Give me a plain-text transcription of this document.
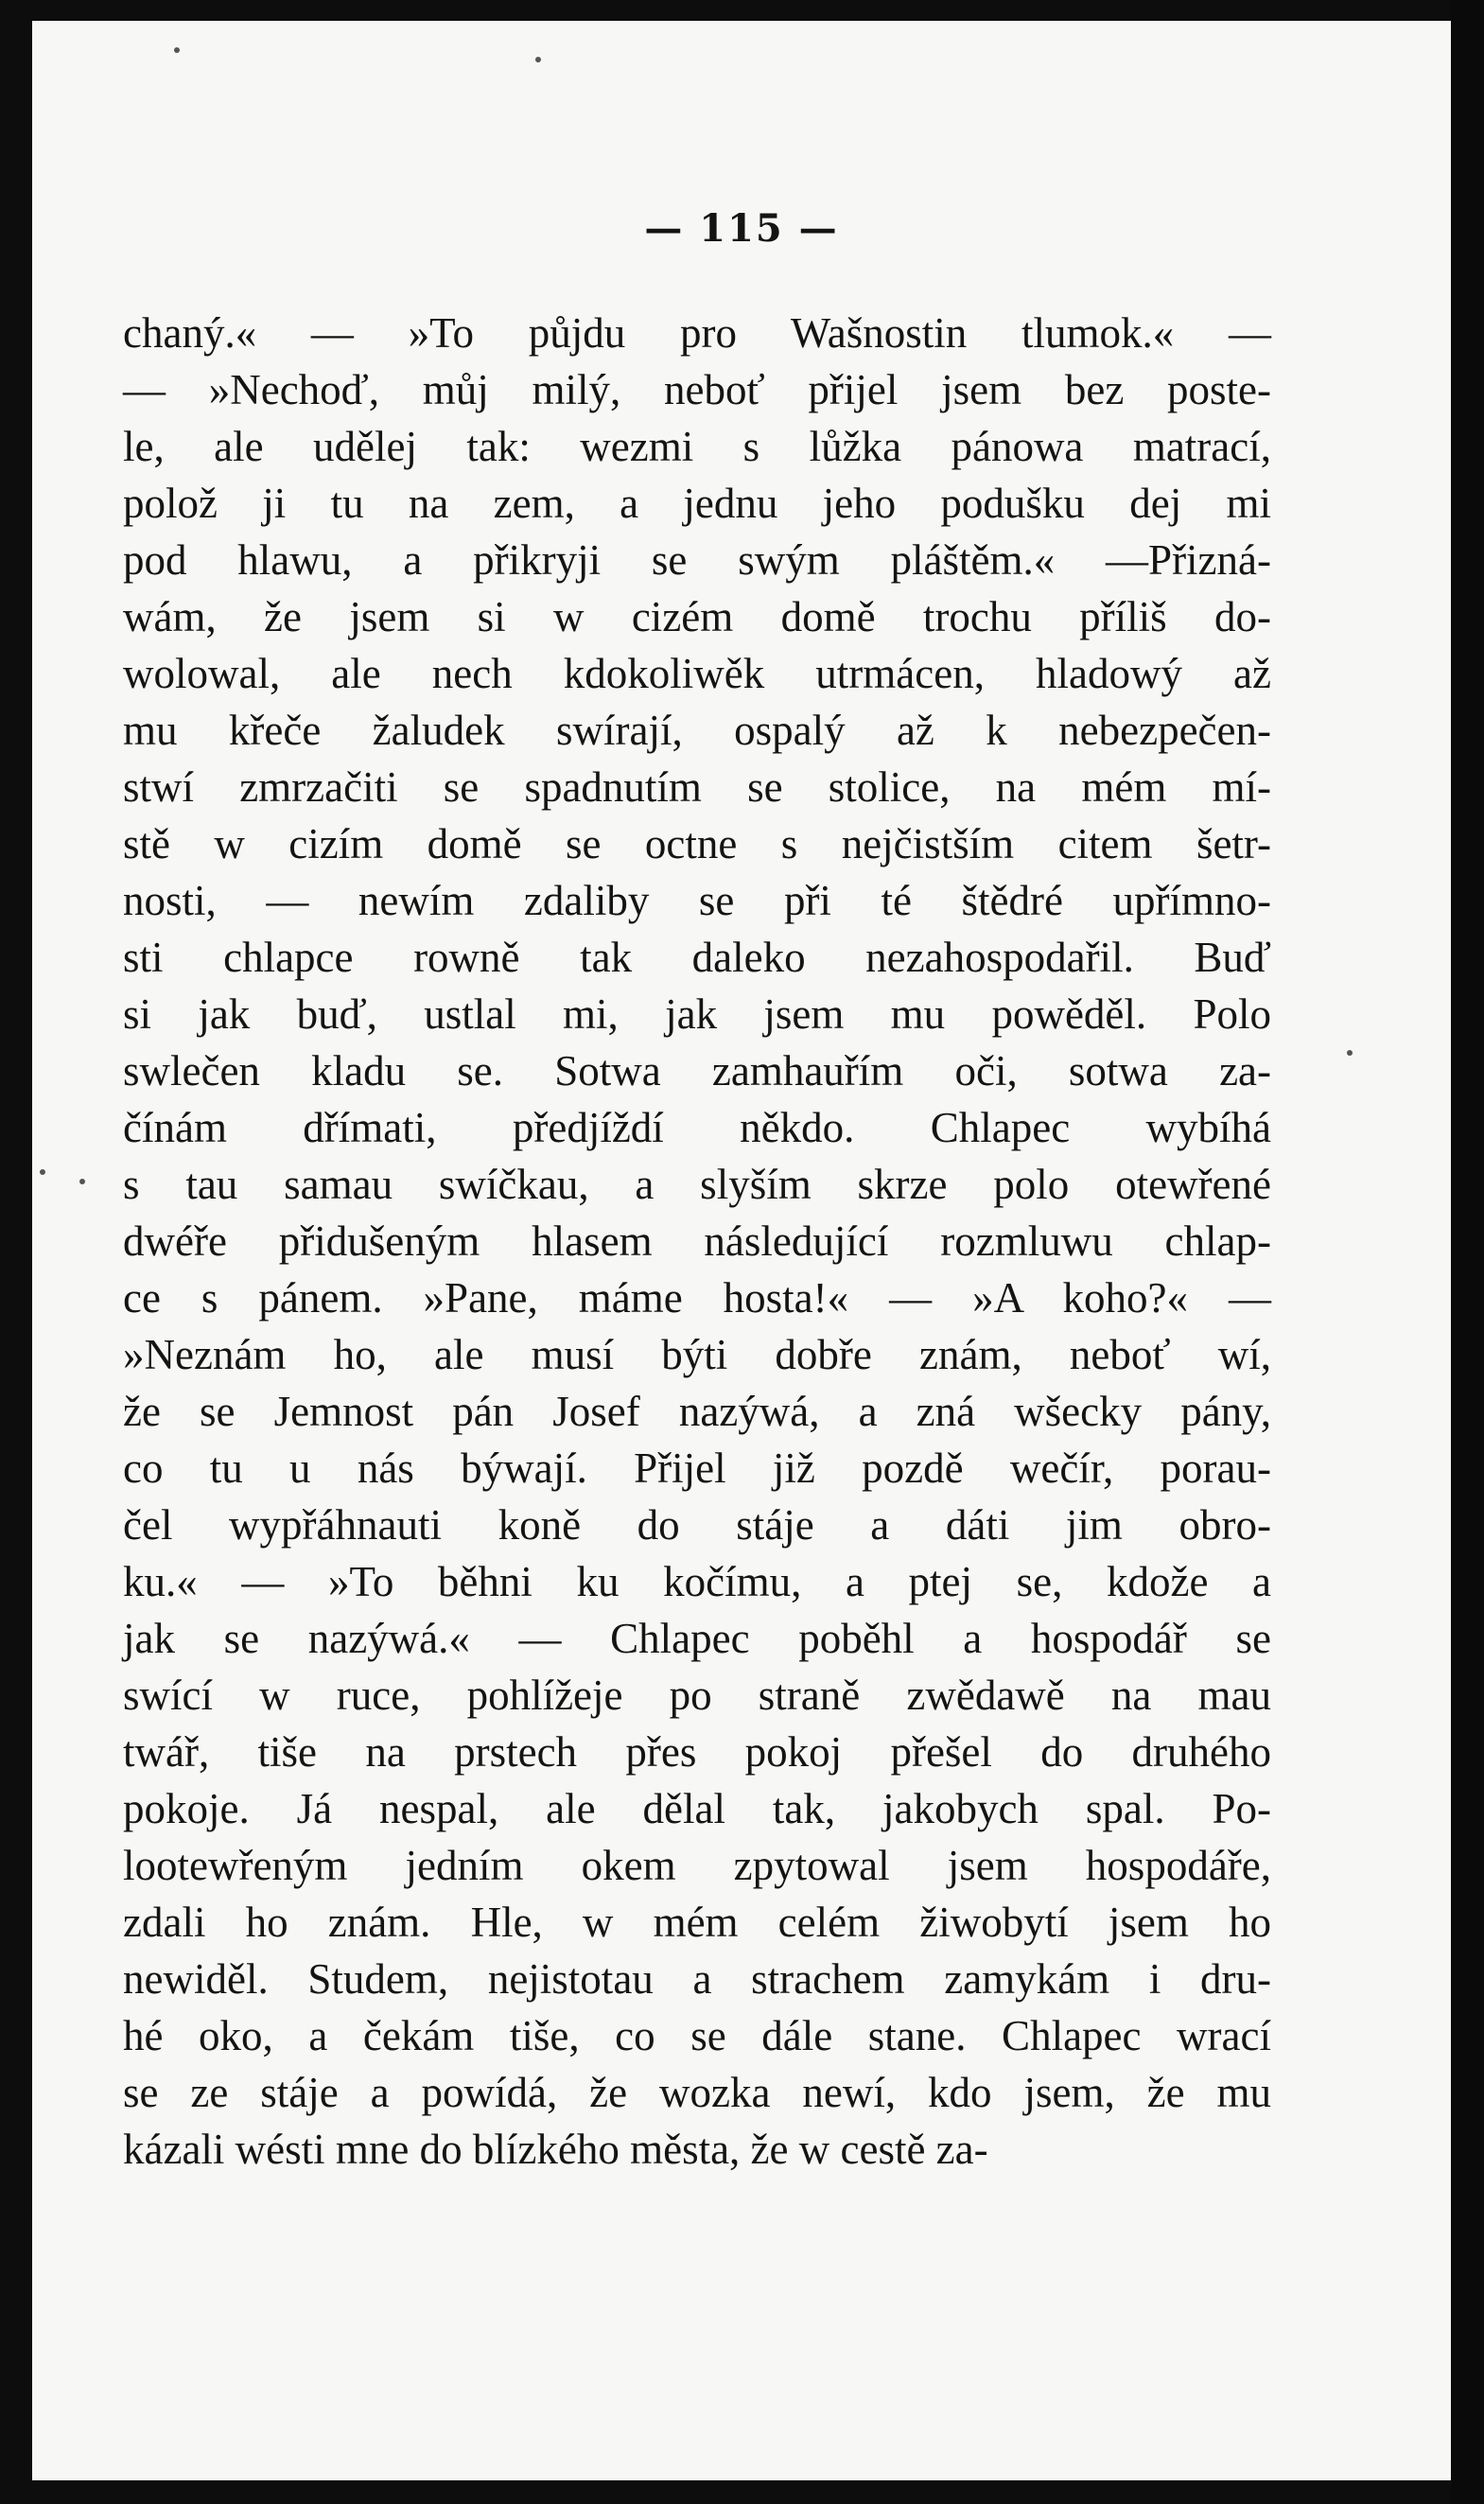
— 115 —
chaný.« — »To půjdu pro Wašnostin tlumok.« —
— »Nechoď, můj milý, neboť přijel jsem bez poste-
le, ale udělej tak: wezmi s lůžka pánowa matrací,
polož ji tu na zem, a jednu jeho podušku dej mi
pod hlawu, a přikryji se swým pláštěm.« —Přizná-
wám, že jsem si w cizém domě trochu příliš do-
wolowal, ale nech kdokoliwěk utrmácen, hladowý až
mu křeče žaludek swírají, ospalý až k nebezpečen-
stwí zmrzačiti se spadnutím se stolice, na mém mí-
stě w cizím domě se octne s nejčistším citem šetr-
nosti, — newím zdaliby se při té štědré upřímno-
sti chlapce rowně tak daleko nezahospodařil. Buď
si jak buď, ustlal mi, jak jsem mu powěděl. Polo
swlečen kladu se. Sotwa zamhauřím oči, sotwa za-
čínám dřímati, předjíždí někdo. Chlapec wybíhá
s tau samau swíčkau, a slyším skrze polo otewřené
dwéře přidušeným hlasem následující rozmluwu chlap-
ce s pánem. »Pane, máme hosta!« — »A koho?« —
»Neznám ho, ale musí býti dobře znám, neboť wí,
že se Jemnost pán Josef nazýwá, a zná wšecky pány,
co tu u nás býwají. Přijel již pozdě wečír, porau-
čel wypřáhnauti koně do stáje a dáti jim obro-
ku.« — »To běhni ku kočímu, a ptej se, kdože a
jak se nazýwá.« — Chlapec poběhl a hospodář se
swící w ruce, pohlížeje po straně zwědawě na mau
twář, tiše na prstech přes pokoj přešel do druhého
pokoje. Já nespal, ale dělal tak, jakobych spal. Po-
lootewřeným jedním okem zpytowal jsem hospodáře,
zdali ho znám. Hle, w mém celém žiwobytí jsem ho
newiděl. Studem, nejistotau a strachem zamykám i dru-
hé oko, a čekám tiše, co se dále stane. Chlapec wrací
se ze stáje a powídá, že wozka newí, kdo jsem, že mu
kázali wésti mne do blízkého města, že w cestě za-
